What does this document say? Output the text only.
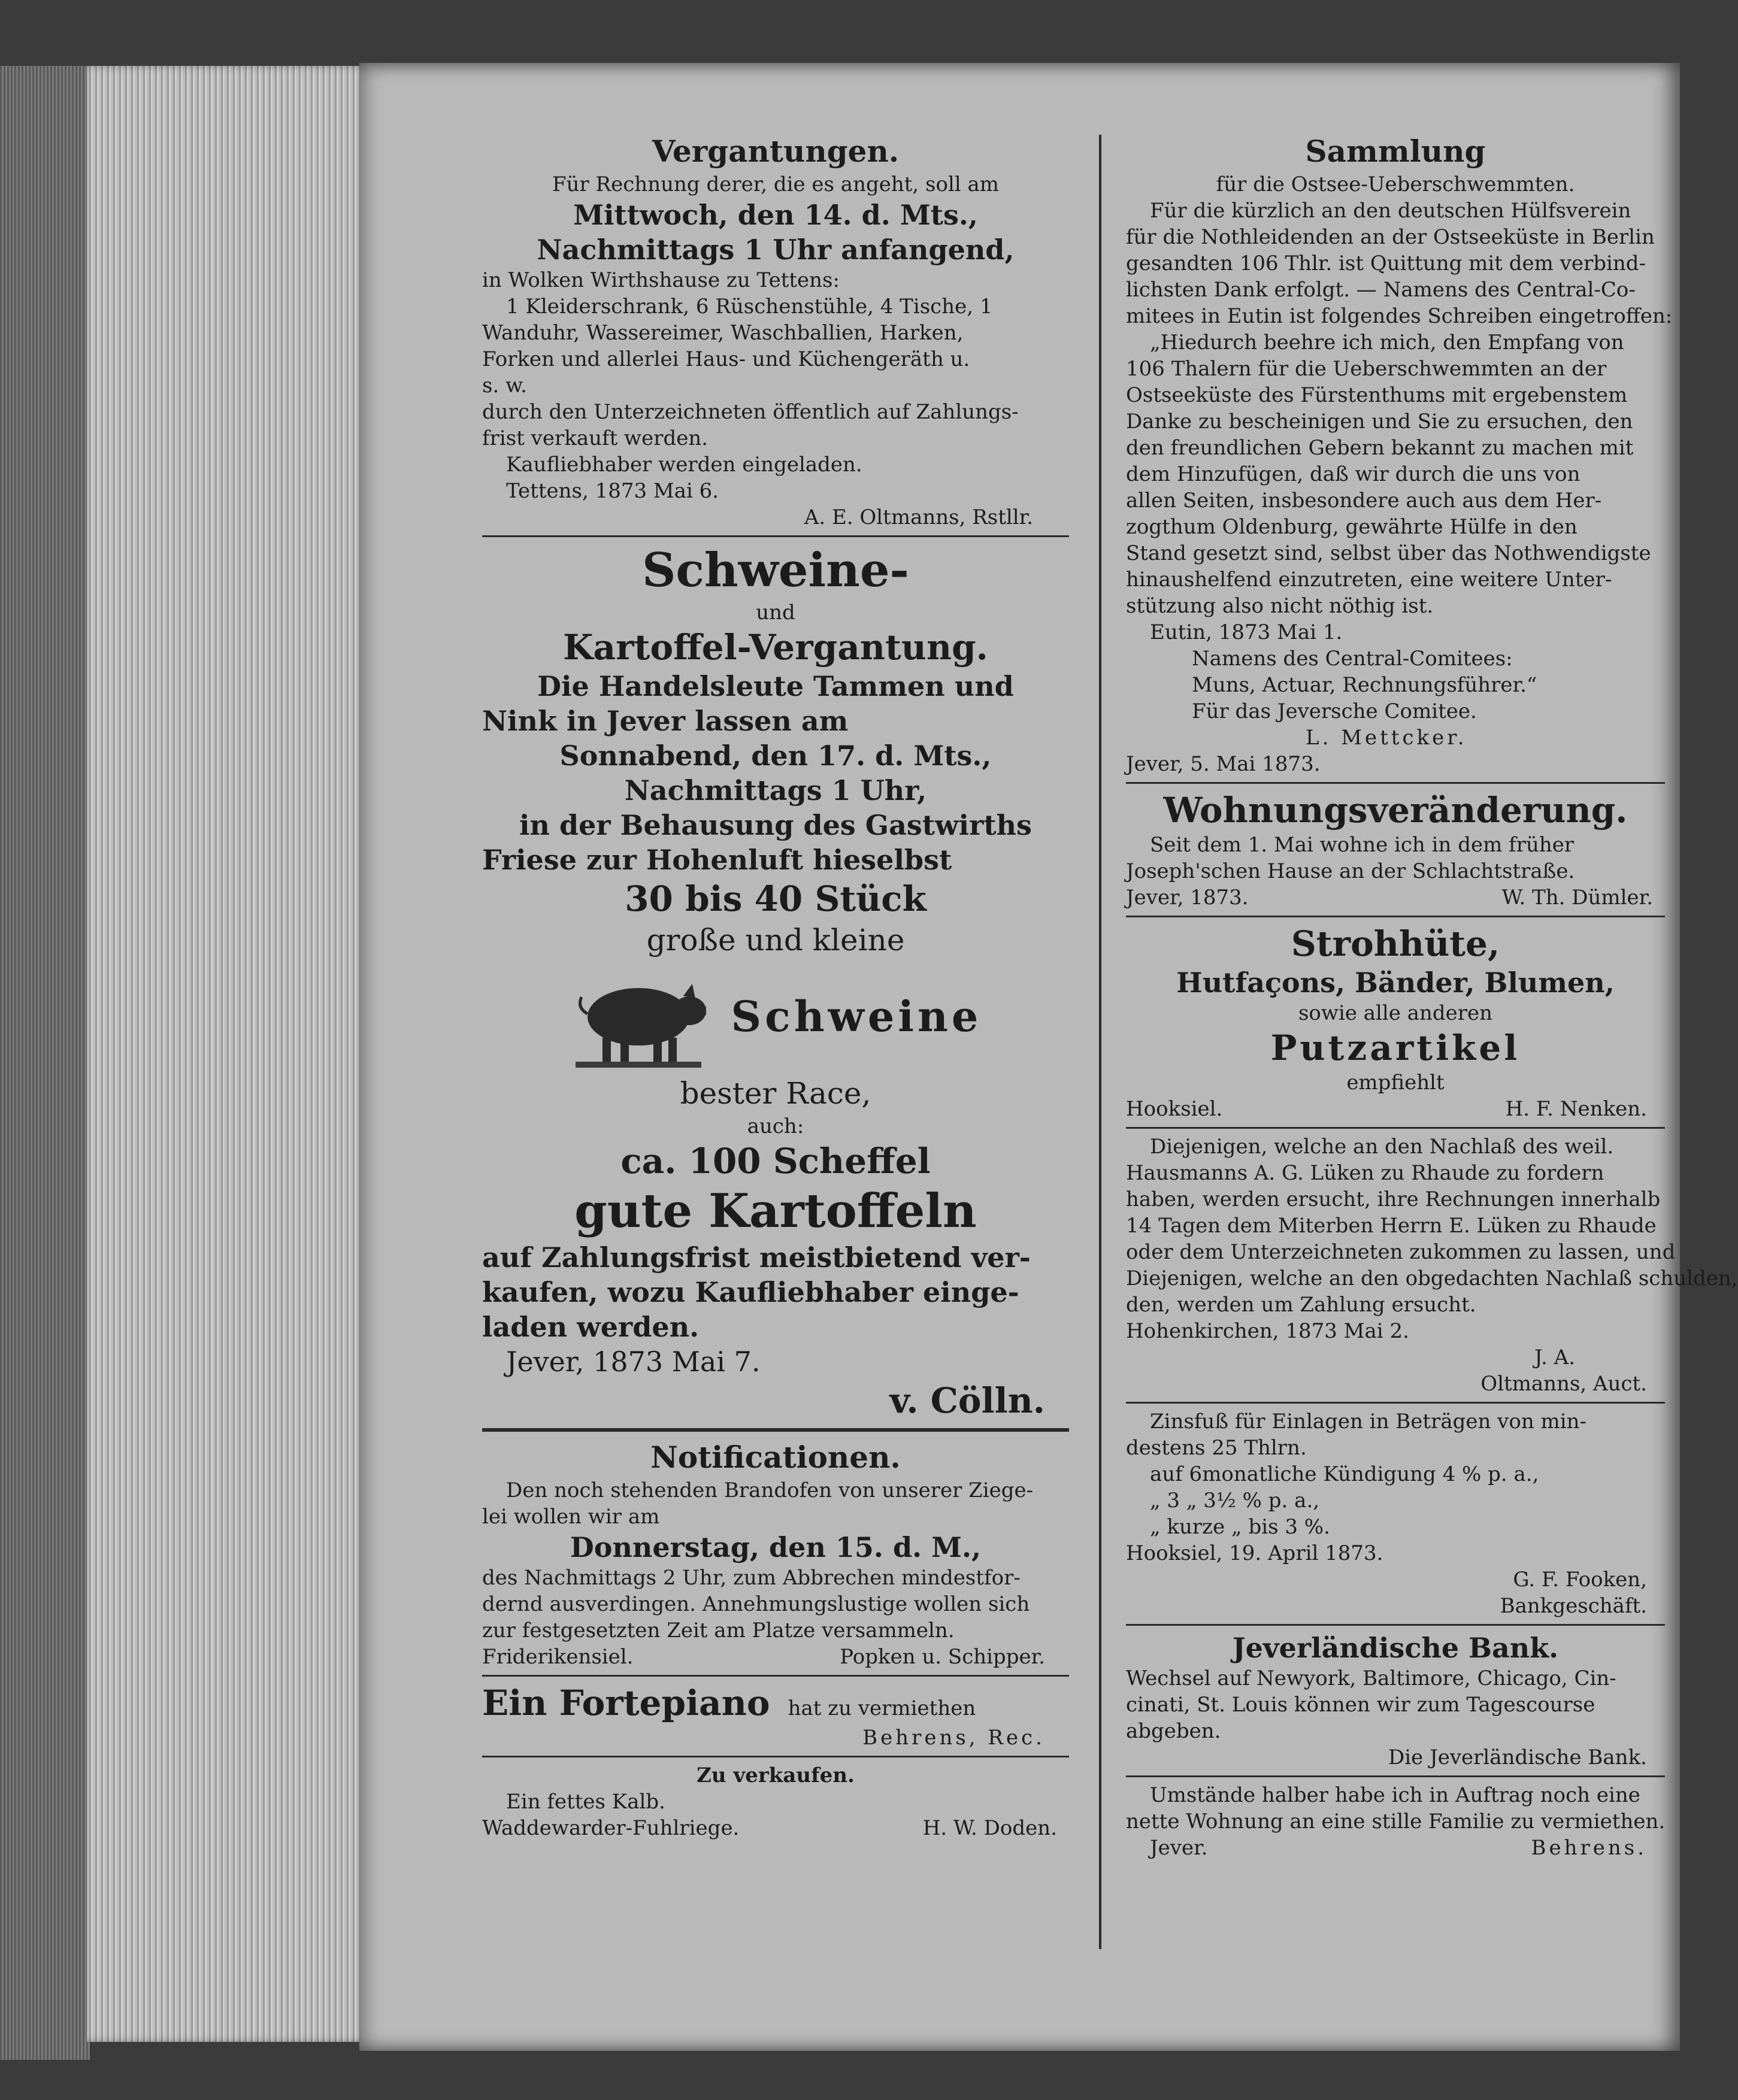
Vergantungen.
Für Rechnung derer, die es angeht, soll am
Mittwoch, den 14. d. Mts.,
Nachmittags 1 Uhr anfangend,
in Wolken Wirthshause zu Tettens:
1 Kleiderschrank, 6 Rüschenstühle, 4 Tische, 1
Wanduhr, Wassereimer, Waschballien, Harken,
Forken und allerlei Haus- und Küchengeräth u.
s. w.
durch den Unterzeichneten öffentlich auf Zahlungs-
frist verkauft werden.
Kaufliebhaber werden eingeladen.
Tettens, 1873 Mai 6.
A. E. Oltmanns, Rstllr.
Schweine-
und
Kartoffel-Vergantung.
Die Handelsleute Tammen und
Nink in Jever lassen am
Sonnabend, den 17. d. Mts.,
Nachmittags 1 Uhr,
in der Behausung des Gastwirths
Friese zur Hohenluft hieselbst
30 bis 40 Stück
große und kleine
Schweine
bester Race,
auch:
ca. 100 Scheffel
gute Kartoffeln
auf Zahlungsfrist meistbietend ver-
kaufen, wozu Kaufliebhaber einge-
laden werden.
Jever, 1873 Mai 7.
v. Cölln.
Notificationen.
Den noch stehenden Brandofen von unserer Ziege-
lei wollen wir am
Donnerstag, den 15. d. M.,
des Nachmittags 2 Uhr, zum Abbrechen mindestfor-
dernd ausverdingen. Annehmungslustige wollen sich
zur festgesetzten Zeit am Platze versammeln.
Friderikensiel.	Popken u. Schipper.
Ein Fortepiano hat zu vermiethen
Behrens, Rec.
Zu verkaufen.
Ein fettes Kalb.
Waddewarder-Fuhlriege.	H. W. Doden.
Sammlung
für die Ostsee-Ueberschwemmten.
Für die kürzlich an den deutschen Hülfsverein
für die Nothleidenden an der Ostseeküste in Berlin
gesandten 106 Thlr. ist Quittung mit dem verbind-
lichsten Dank erfolgt. — Namens des Central-Co-
mitees in Eutin ist folgendes Schreiben eingetroffen:
„Hiedurch beehre ich mich, den Empfang von
106 Thalern für die Ueberschwemmten an der
Ostseeküste des Fürstenthums mit ergebenstem
Danke zu bescheinigen und Sie zu ersuchen, den
den freundlichen Gebern bekannt zu machen mit
dem Hinzufügen, daß wir durch die uns von
allen Seiten, insbesondere auch aus dem Her-
zogthum Oldenburg, gewährte Hülfe in den
Stand gesetzt sind, selbst über das Nothwendigste
hinaushelfend einzutreten, eine weitere Unter-
stützung also nicht nöthig ist.
Eutin, 1873 Mai 1.
Namens des Central-Comitees:
Muns, Actuar, Rechnungsführer.“
Für das Jeversche Comitee.
L. Mettcker.
Jever, 5. Mai 1873.
Wohnungsveränderung.
Seit dem 1. Mai wohne ich in dem früher
Joseph'schen Hause an der Schlachtstraße.
Jever, 1873.	W. Th. Dümler.
Strohhüte,
Hutfaçons, Bänder, Blumen,
sowie alle anderen
Putzartikel
empfiehlt
Hooksiel.	H. F. Nenken.
Diejenigen, welche an den Nachlaß des weil.
Hausmanns A. G. Lüken zu Rhaude zu fordern
haben, werden ersucht, ihre Rechnungen innerhalb
14 Tagen dem Miterben Herrn E. Lüken zu Rhaude
oder dem Unterzeichneten zukommen zu lassen, und
Diejenigen, welche an den obgedachten Nachlaß schulden,
den, werden um Zahlung ersucht.
Hohenkirchen, 1873 Mai 2.
J. A.
Oltmanns, Auct.
Zinsfuß für Einlagen in Beträgen von min-
destens 25 Thlrn.
auf 6monatliche Kündigung 4 % p. a.,
„ 3 „ 3½ % p. a.,
„ kurze „ bis 3 %.
Hooksiel, 19. April 1873.
G. F. Fooken,
Bankgeschäft.
Jeverländische Bank.
Wechsel auf Newyork, Baltimore, Chicago, Cin-
cinati, St. Louis können wir zum Tagescourse
abgeben.
Die Jeverländische Bank.
Umstände halber habe ich in Auftrag noch eine
nette Wohnung an eine stille Familie zu vermiethen.
Jever.	Behrens.
